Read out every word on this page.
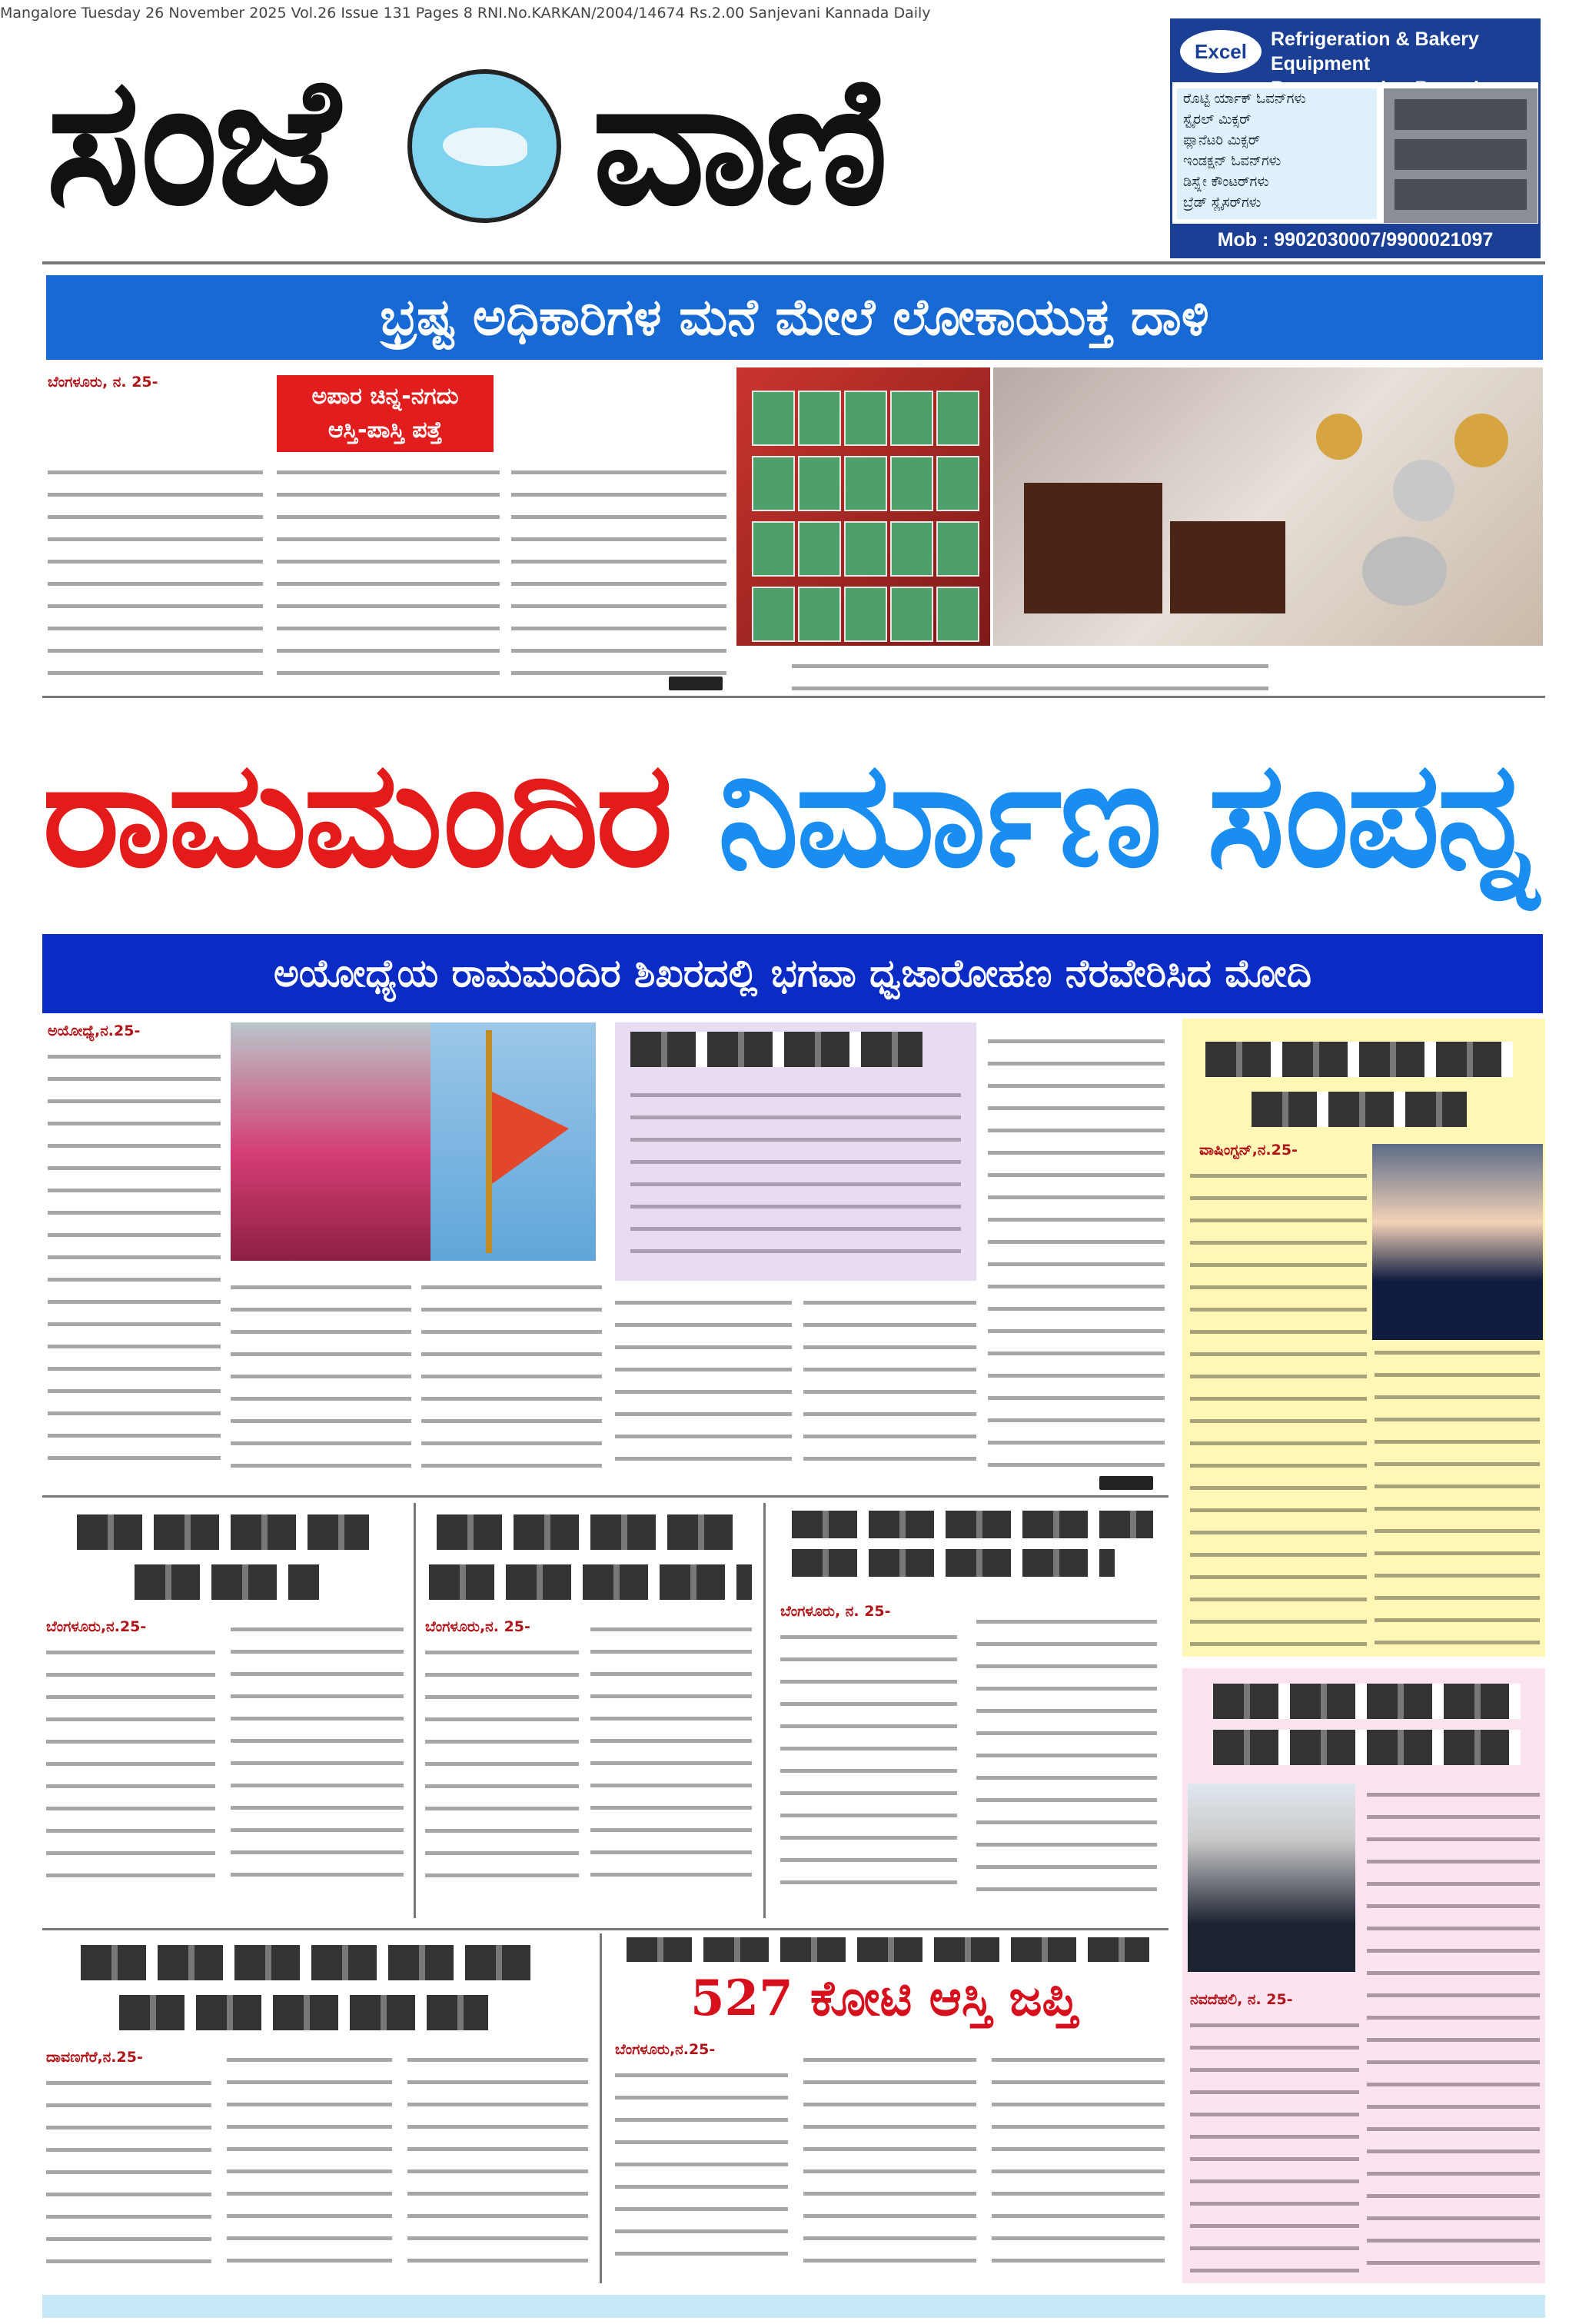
Mangalore Tuesday 26 November 2025 Vol.26 Issue 131 Pages 8 RNI.No.KARKAN/2004/14674 Rs.2.00 Sanjevani Kannada Daily
ಸಂಜೆ ವಾಣಿ	Excel
Refrigeration & Bakery Equipment
ರೊಟ್ಟಿ ರ್ಯಾಕ್ ಓವನ್‌ಗಳು
ಸ್ಟೈರಲ್ ಮಿಕ್ಸರ್
ಪ್ಲಾನೆಟರಿ ಮಿಕ್ಸರ್
ಇಂಡಕ್ಷನ್ ಓವನ್‌ಗಳು
ಡಿಸ್ಪ್ಲೇ ಕೌಂಟರ್‌ಗಳು
ಬ್ರೆಡ್ ಸ್ಲೈಸರ್‌ಗಳು
Mob : 9902030007/9900021097
ಭ್ರಷ್ಟ ಅಧಿಕಾರಿಗಳ ಮನೆ ಮೇಲೆ ಲೋಕಾಯುಕ್ತ ದಾಳಿ
ಬೆಂಗಳೂರು, ನ. 25-
ಅಪಾರ ಚಿನ್ನ-ನಗದು
ಆಸ್ತಿ-ಪಾಸ್ತಿ ಪತ್ತೆ
ರಾಮಮಂದಿರ ನಿರ್ಮಾಣ ಸಂಪನ್ನ
ಅಯೋಧ್ಯೆಯ ರಾಮಮಂದಿರ ಶಿಖರದಲ್ಲಿ ಭಗವಾ ಧ್ವಜಾರೋಹಣ ನೆರವೇರಿಸಿದ ಮೋದಿ
ಅಯೋಧ್ಯೆ,ನ.25-
ವಾಷಿಂಗ್ಟನ್,ನ.25-
ನವದೆಹಲಿ, ನ. 25-
ಬೆಂಗಳೂರು,ನ.25-	ಬೆಂಗಳೂರು,ನ. 25-
ಬೆಂಗಳೂರು, ನ. 25-
ದಾವಣಗೆರೆ,ನ.25-
527 ಕೋಟಿ ಆಸ್ತಿ ಜಪ್ತಿ
ಬೆಂಗಳೂರು,ನ.25-
